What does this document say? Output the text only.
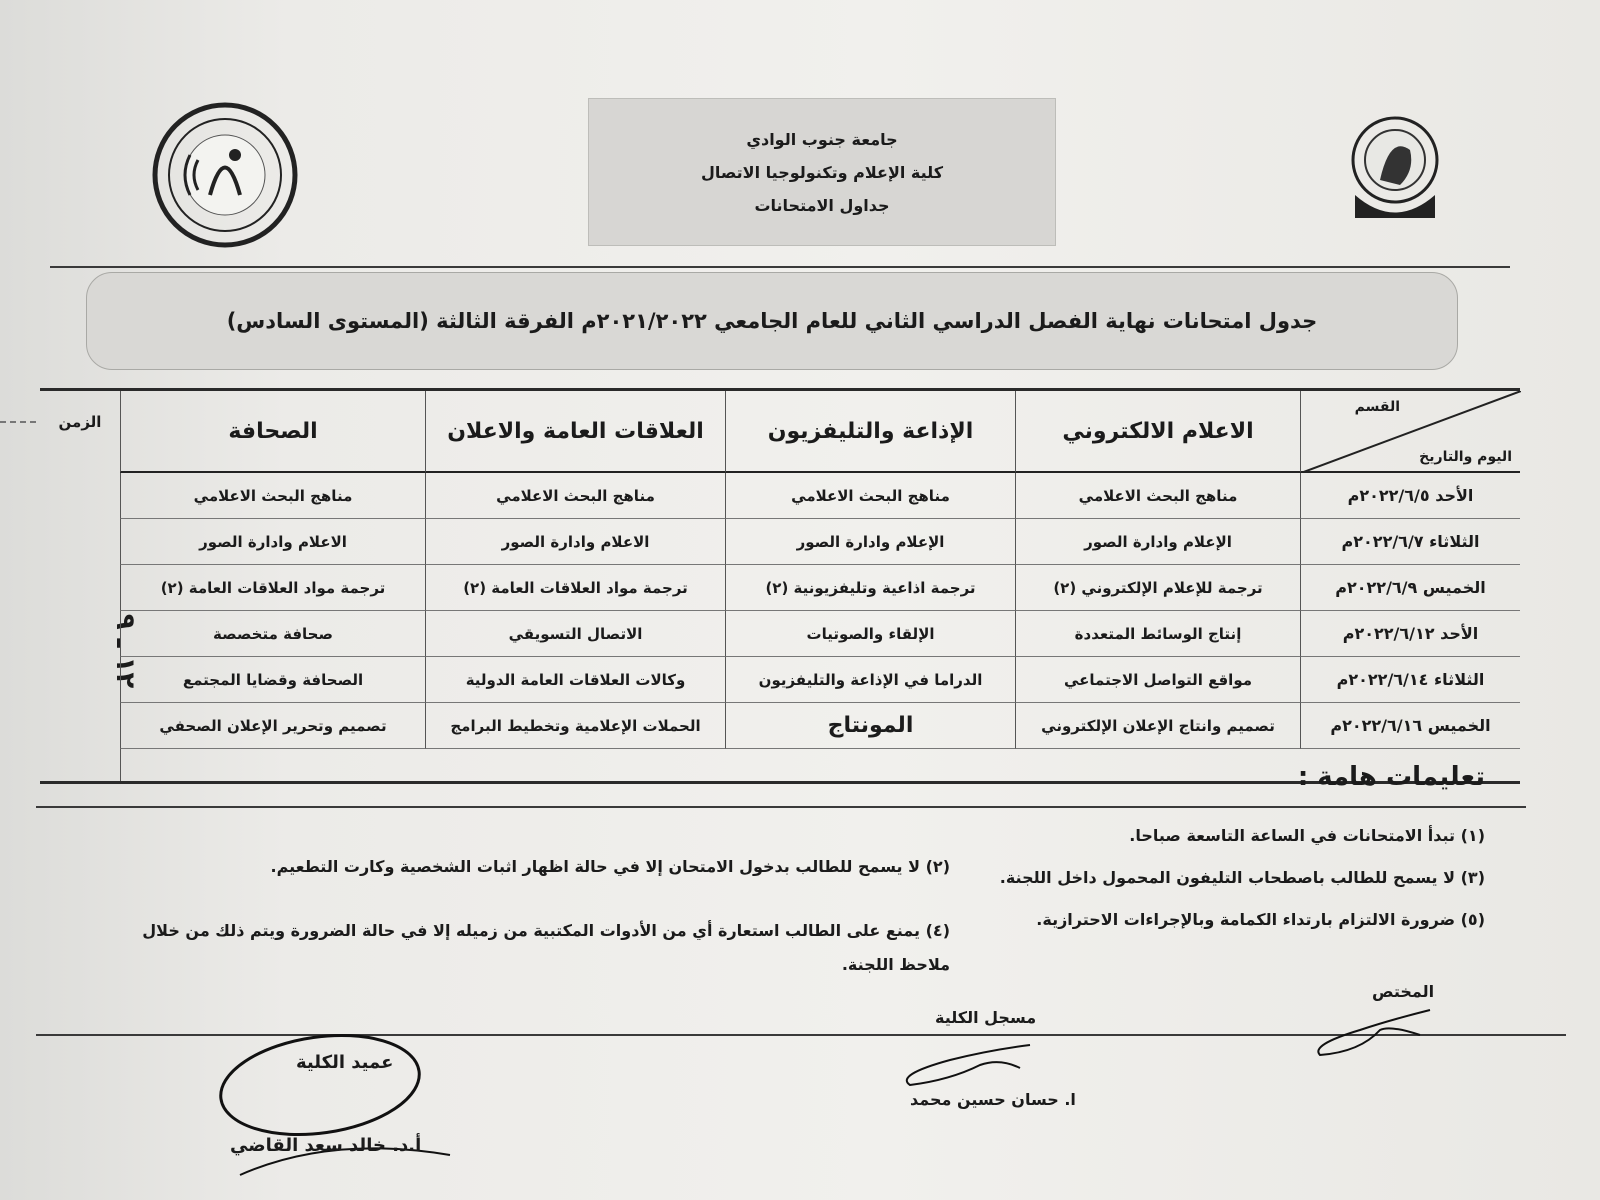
جامعة جنوب الوادي
كلية الإعلام وتكنولوجيا الاتصال
جداول الامتحانات
جدول امتحانات نهاية الفصل الدراسي الثاني للعام الجامعي ٢٠٢١/٢٠٢٢م الفرقة الثالثة (المستوى السادس)
الزمن
١٢ ـ ٩
القسم
اليوم والتاريخ
الاعلام الالكتروني
الإذاعة والتليفزيون
العلاقات العامة والاعلان
الصحافة
الأحد ٢٠٢٢/٦/٥م
مناهج البحث الاعلامي
مناهج البحث الاعلامي
مناهج البحث الاعلامي
مناهج البحث الاعلامي
الثلاثاء ٢٠٢٢/٦/٧م
الإعلام وادارة الصور
الإعلام وادارة الصور
الاعلام وادارة الصور
الاعلام وادارة الصور
الخميس ٢٠٢٢/٦/٩م
ترجمة للإعلام الإلكتروني (٢)
ترجمة اذاعية وتليفزيونية (٢)
ترجمة مواد العلاقات العامة (٢)
ترجمة مواد العلاقات العامة (٢)
الأحد ٢٠٢٢/٦/١٢م
إنتاج الوسائط المتعددة
الإلقاء والصوتيات
الاتصال التسويقي
صحافة متخصصة
الثلاثاء ٢٠٢٢/٦/١٤م
مواقع التواصل الاجتماعي
الدراما في الإذاعة والتليفزيون
وكالات العلاقات العامة الدولية
الصحافة وقضايا المجتمع
الخميس ٢٠٢٢/٦/١٦م
تصميم وانتاج الإعلان الإلكتروني
المونتاج
الحملات الإعلامية وتخطيط البرامج
تصميم وتحرير الإعلان الصحفي
تعليمات هامة :
(١) تبدأ الامتحانات في الساعة التاسعة صباحا.
(٣) لا يسمح للطالب باصطحاب التليفون المحمول داخل اللجنة.
(٥) ضرورة الالتزام بارتداء الكمامة وبالإجراءات الاحترازية.
(٢) لا يسمح للطالب بدخول الامتحان إلا في حالة اظهار اثبات الشخصية وكارت التطعيم.
(٤) يمنع على الطالب استعارة أي من الأدوات المكتبية من زميله إلا في حالة الضرورة ويتم ذلك من خلال ملاحظ اللجنة.
المختص
مسجل الكلية
ا. حسان حسين محمد
عميد الكلية
أ.د. خالد سعد القاضي
